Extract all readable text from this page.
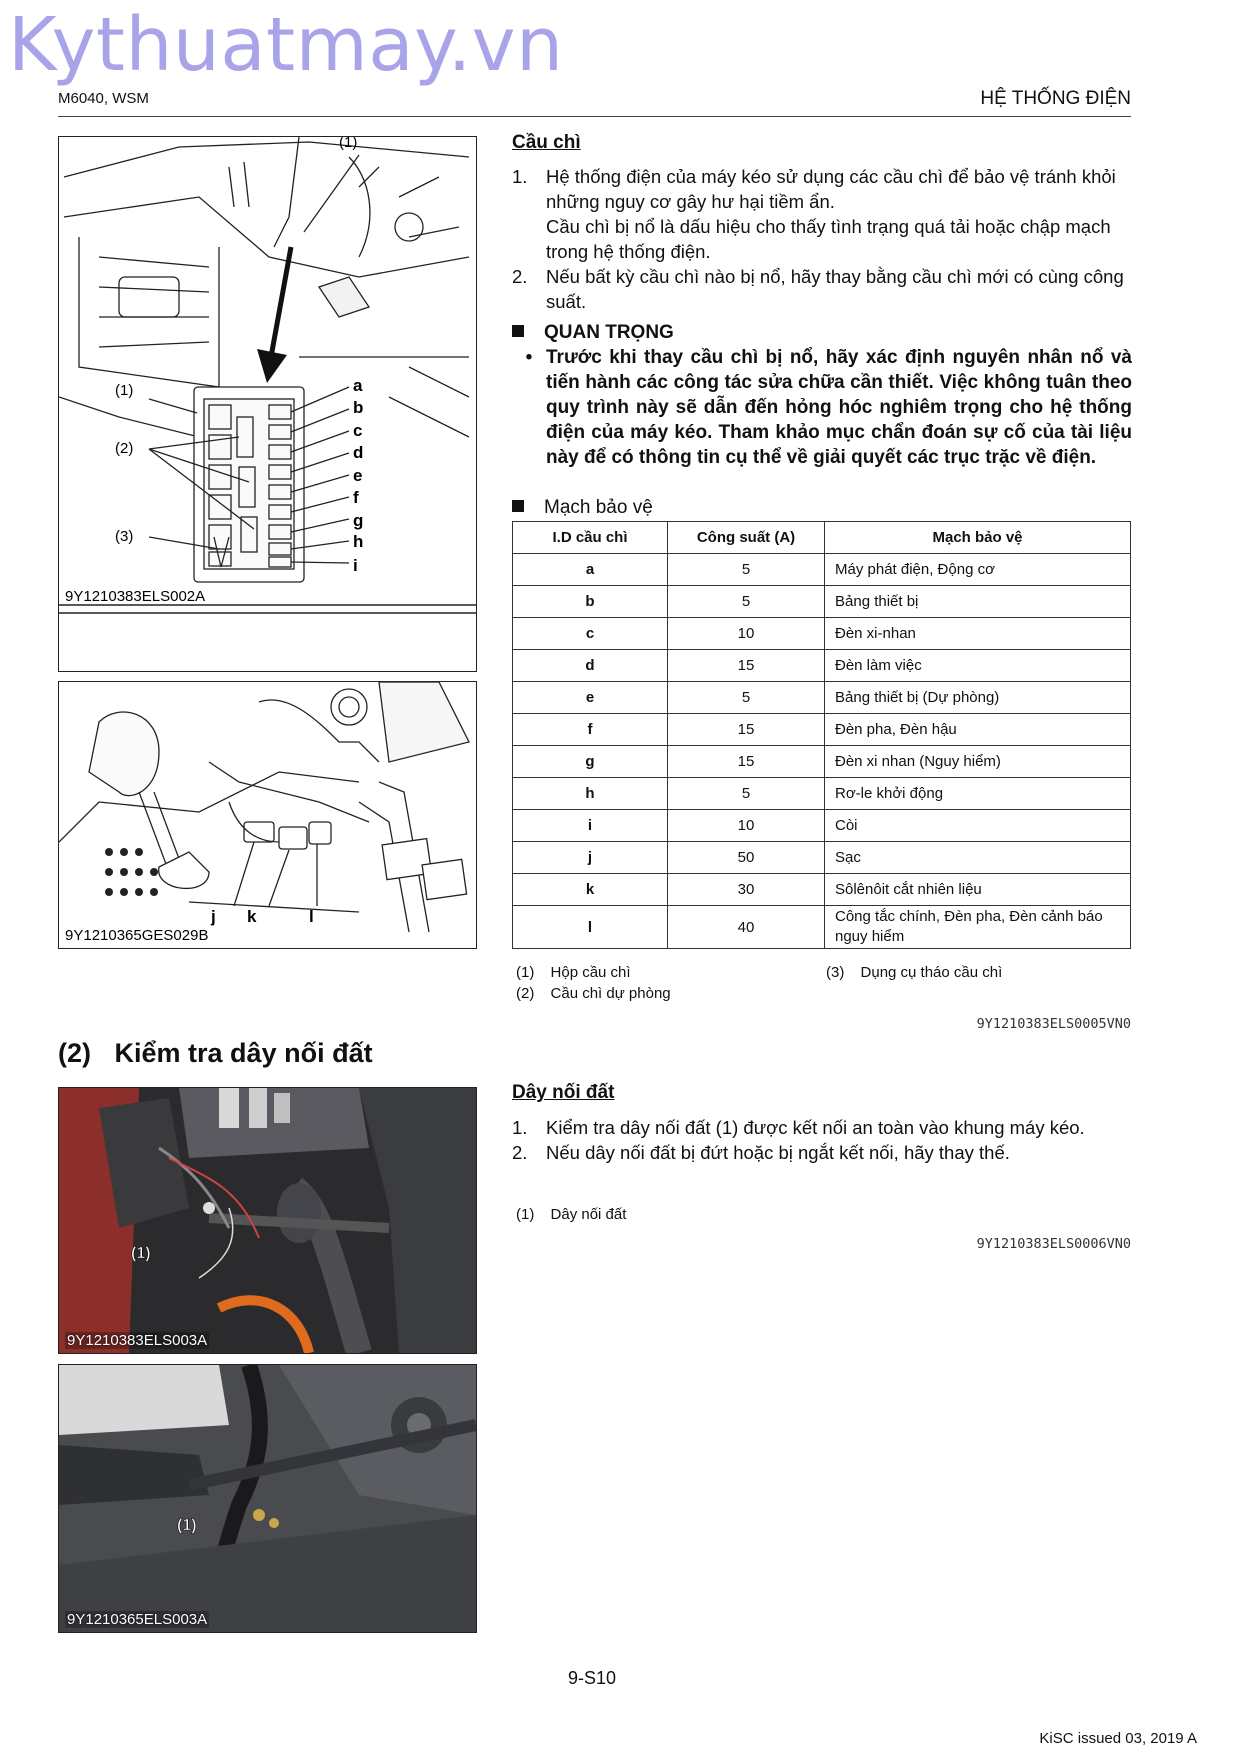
Kythuatmay.vn
M6040, WSM	HỆ THỐNG ĐIỆN
(1)
(1)
(2)
(3)
a
b
c
d
e
f
g
h
i
9Y1210383ELS002A
j k	l
9Y1210365GES029B
Cầu chì
1.	Hệ thống điện của máy kéo sử dụng các cầu chì để bảo vệ tránh khỏi những nguy cơ gây hư hại tiềm ẩn.
Cầu chì bị nổ là dấu hiệu cho thấy tình trạng quá tải hoặc chập mạch trong hệ thống điện.
2.	Nếu bất kỳ cầu chì nào bị nổ, hãy thay bằng cầu chì mới có cùng công suất.
QUAN TRỌNG
• Trước khi thay cầu chì bị nổ, hãy xác định nguyên nhân nổ và tiến hành các công tác sửa chữa cần thiết. Việc không tuân theo quy trình này sẽ dẫn đến hỏng hóc nghiêm trọng cho hệ thống điện của máy kéo. Tham khảo mục chẩn đoán sự cố của tài liệu này để có thông tin cụ thể về giải quyết các trục trặc về điện.
Mạch bảo vệ
I.D cầu chì	Công suất (A)	Mạch bảo vệ
a	5	Máy phát điện, Động cơ
b	5	Bảng thiết bị
c	10	Đèn xi-nhan
d	15	Đèn làm việc
e	5	Bảng thiết bị (Dự phòng)
f	15	Đèn pha, Đèn hậu
g	15	Đèn xi nhan (Nguy hiểm)
h	5	Rơ-le khởi động
i	10	Còi
j	50	Sạc
k	30	Sôlênôit cắt nhiên liệu
l	40	Công tắc chính, Đèn pha, Đèn cảnh báo nguy hiểm
(1) Hộp cầu chì
(2) Cầu chì dự phòng
(3) Dụng cụ tháo cầu chì
9Y1210383ELS0005VN0
(2) Kiểm tra dây nối đất
(1)
9Y1210383ELS003A
(1)
9Y1210365ELS003A
Dây nối đất
1.	Kiểm tra dây nối đất (1) được kết nối an toàn vào khung máy kéo.
2.	Nếu dây nối đất bị đứt hoặc bị ngắt kết nối, hãy thay thế.
(1) Dây nối đất
9Y1210383ELS0006VN0
9-S10
KiSC issued 03, 2019 A
